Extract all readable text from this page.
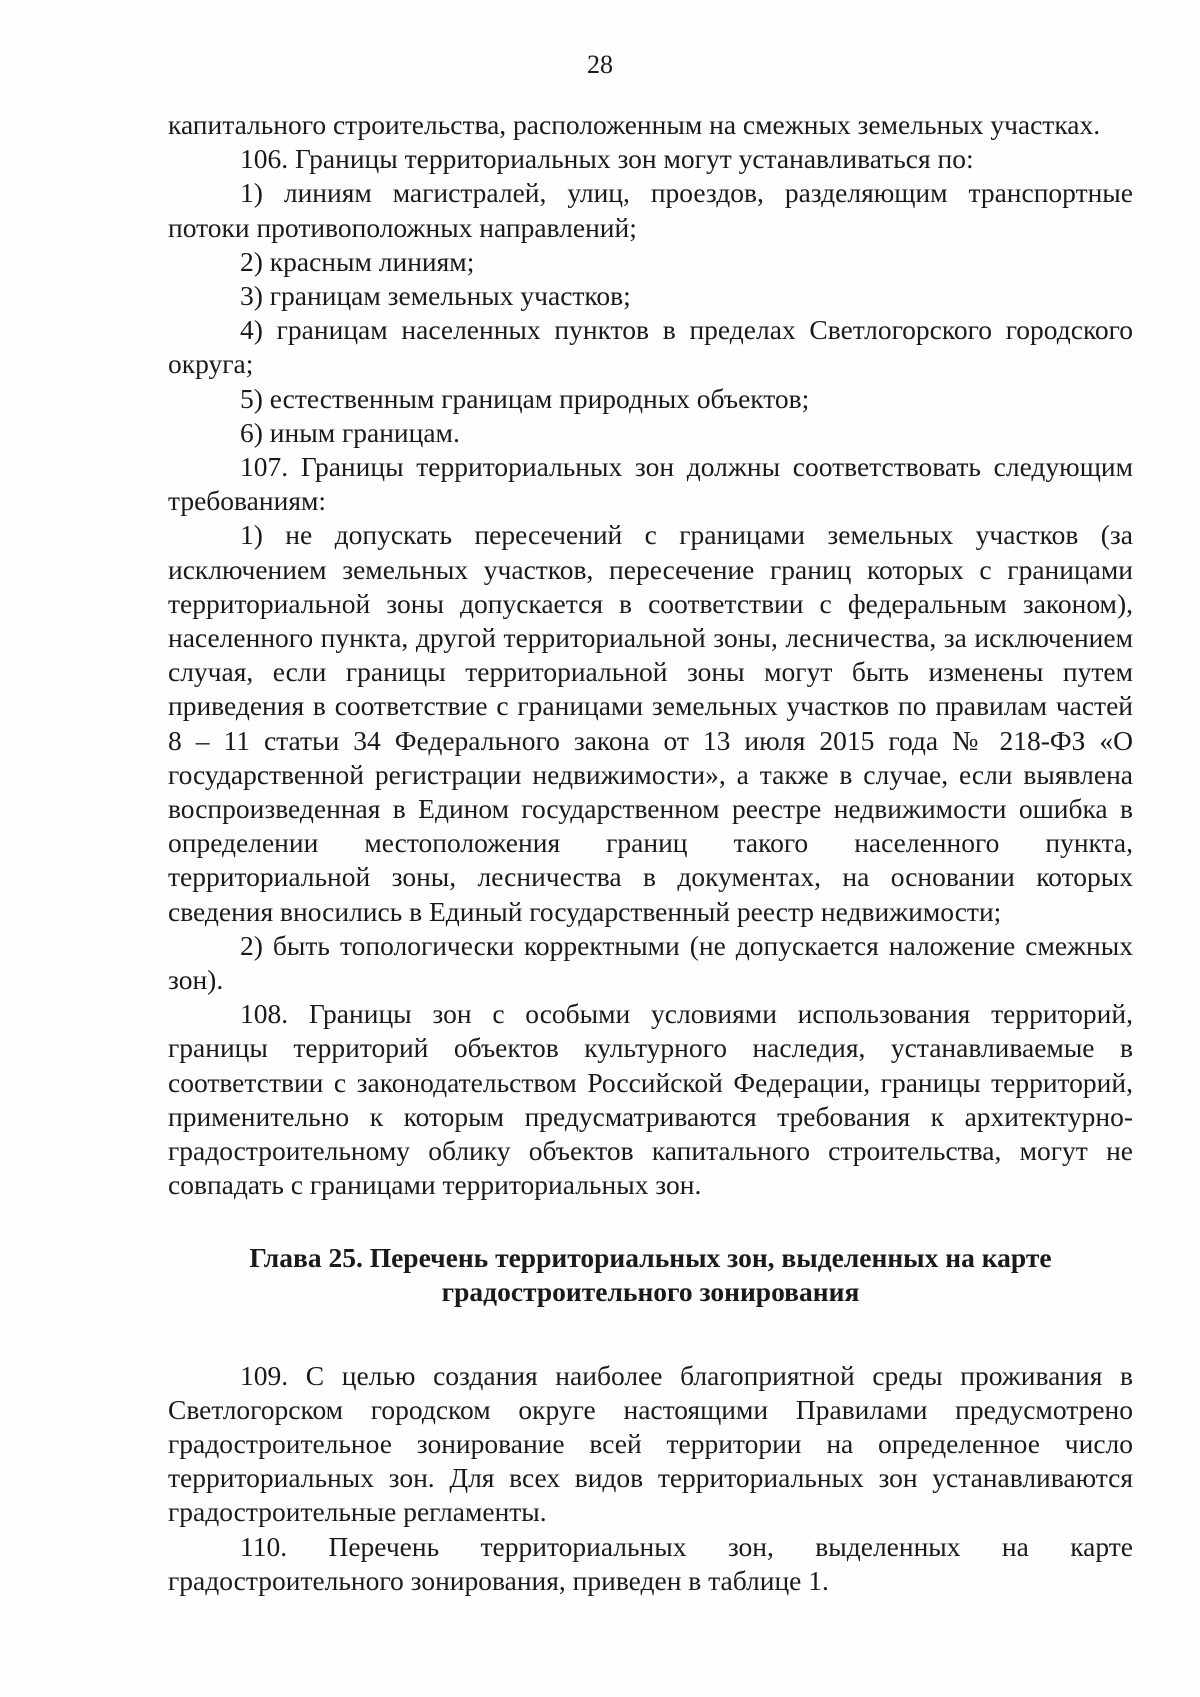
28

капитального строительства, расположенным на смежных земельных участках.

106. Границы территориальных зон могут устанавливаться по:

1) линиям магистралей, улиц, проездов, разделяющим транспортные потоки противоположных направлений;

2) красным линиям;

3) границам земельных участков;

4) границам населенных пунктов в пределах Светлогорского городского округа;

5) естественным границам природных объектов;

6) иным границам.

107. Границы территориальных зон должны соответствовать следующим требованиям:

1) не допускать пересечений с границами земельных участков (за исключением земельных участков, пересечение границ которых с границами территориальной зоны допускается в соответствии с федеральным законом), населенного пункта, другой территориальной зоны, лесничества, за исключением случая, если границы территориальной зоны могут быть изменены путем приведения в соответствие с границами земельных участков по правилам частей 8 – 11 статьи 34 Федерального закона от 13 июля 2015 года № 218-ФЗ «О государственной регистрации недвижимости», а также в случае, если выявлена воспроизведенная в Едином государственном реестре недвижимости ошибка в определении местоположения границ такого населенного пункта, территориальной зоны, лесничества в документах, на основании которых сведения вносились в Единый государственный реестр недвижимости;

2) быть топологически корректными (не допускается наложение смежных зон).

108. Границы зон с особыми условиями использования территорий, границы территорий объектов культурного наследия, устанавливаемые в соответствии с законодательством Российской Федерации, границы территорий, применительно к которым предусматриваются требования к архитектурно-градостроительному облику объектов капитального строительства, могут не совпадать с границами территориальных зон.

Глава 25. Перечень территориальных зон, выделенных на карте
градостроительного зонирования

109. С целью создания наиболее благоприятной среды проживания в Светлогорском городском округе настоящими Правилами предусмотрено градостроительное зонирование всей территории на определенное число территориальных зон. Для всех видов территориальных зон устанавливаются градостроительные регламенты.

110. Перечень территориальных зон, выделенных на карте градостроительного зонирования, приведен в таблице 1.
